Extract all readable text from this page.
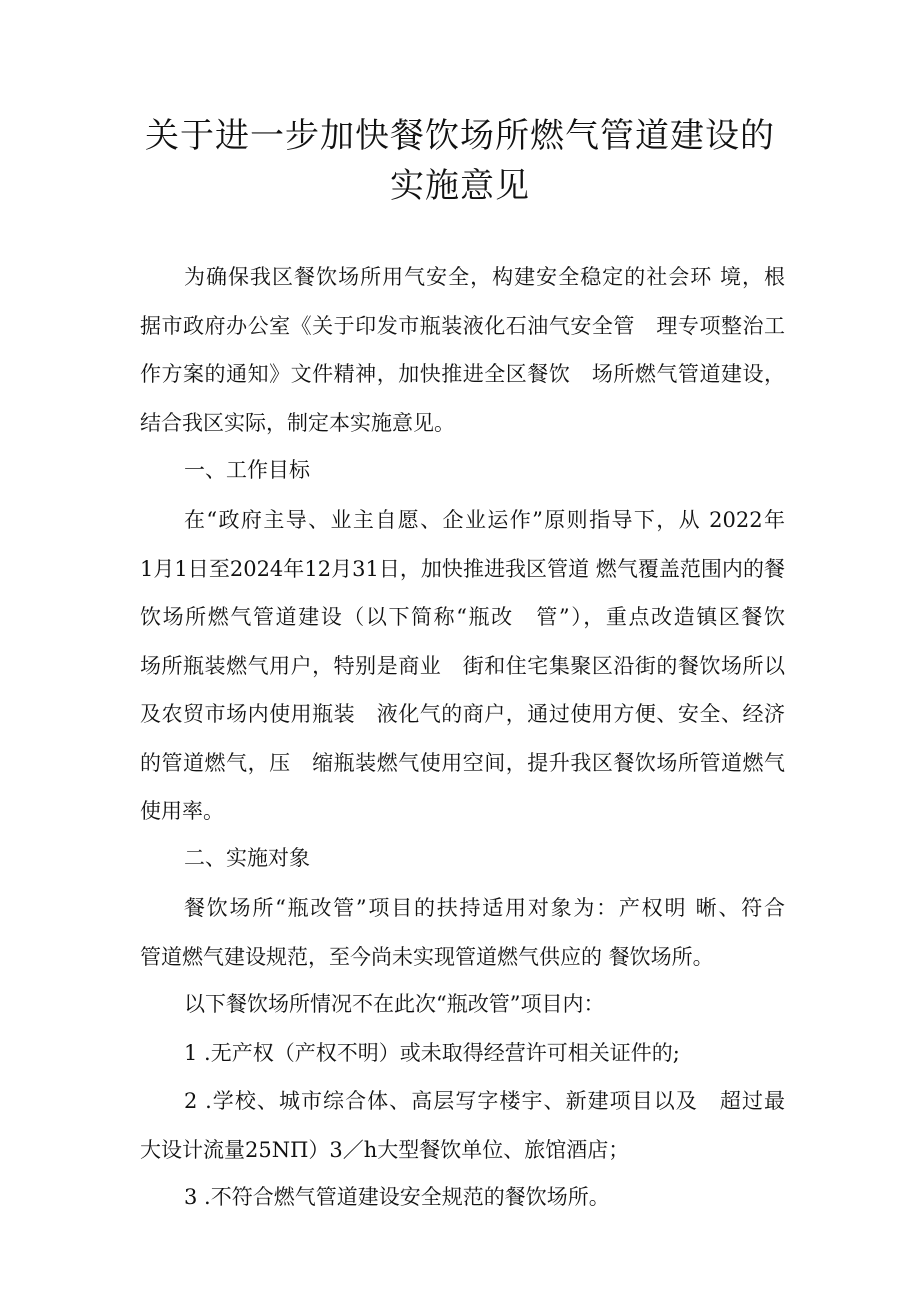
关于进一步加快餐饮场所燃气管道建设的
实施意见
为确保我区餐饮场所用气安全，构建安全稳定的社会环 境，根
据市政府办公室《关于印发市瓶装液化石油气安全管　理专项整治工
作方案的通知》文件精神，加快推进全区餐饮　场所燃气管道建设，
结合我区实际，制定本实施意见。
一、工作目标
在“政府主导、业主自愿、企业运作”原则指导下，从 2022年
1月1日至2024年12月31日，加快推进我区管道 燃气覆盖范围内的餐
饮场所燃气管道建设（以下简称“瓶改　管”），重点改造镇区餐饮
场所瓶装燃气用户，特别是商业　街和住宅集聚区沿街的餐饮场所以
及农贸市场内使用瓶装　液化气的商户，通过使用方便、安全、经济
的管道燃气，压　缩瓶装燃气使用空间，提升我区餐饮场所管道燃气
使用率。
二、实施对象
餐饮场所“瓶改管”项目的扶持适用对象为：产权明 晰、符合
管道燃气建设规范，至今尚未实现管道燃气供应的 餐饮场所。
以下餐饮场所情况不在此次“瓶改管”项目内：
1 .无产权（产权不明）或未取得经营许可相关证件的;
2 .学校、城市综合体、高层写字楼宇、新建项目以及　超过最
大设计流量25NΠ）3／h大型餐饮单位、旅馆酒店；
3 .不符合燃气管道建设安全规范的餐饮场所。
